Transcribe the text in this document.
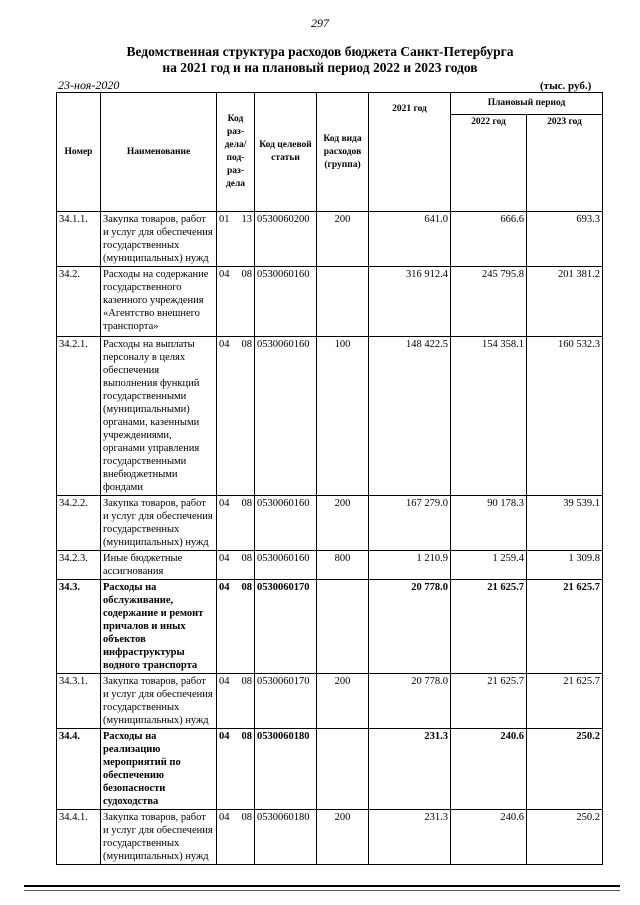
297
Ведомственная структура расходов бюджета Санкт-Петербурга
на 2021 год и на плановый период 2022 и 2023 годов
23-ноя-2020	(тыс. руб.)
Номер	Наименование	Код раз- дела/ под- раз- дела	Код целевой статьи	Код вида расходов (группа)	2021 год	Плановый период	
						2022 год	2023 год
34.1.1.	Закупка товаров, работ и услуг для обеспечения государственных (муниципальных) нужд	01 13	0530060200	200	641.0	666.6	693.3
34.2.	Расходы на содержание государственного казенного учреждения «Агентство внешнего транспорта»	04 08	0530060160		316 912.4	245 795.8	201 381.2
34.2.1.	Расходы на выплаты персоналу в целях обеспечения выполнения функций государственными (муниципальными) органами, казенными учреждениями, органами управления государственными внебюджетными фондами	04 08	0530060160	100	148 422.5	154 358.1	160 532.3
34.2.2.	Закупка товаров, работ и услуг для обеспечения государственных (муниципальных) нужд	04 08	0530060160	200	167 279.0	90 178.3	39 539.1
34.2.3.	Иные бюджетные ассигнования	04 08	0530060160	800	1 210.9	1 259.4	1 309.8
34.3.	Расходы на обслуживание, содержание и ремонт причалов и иных объектов инфраструктуры водного транспорта	04 08	0530060170		20 778.0	21 625.7	21 625.7
34.3.1.	Закупка товаров, работ и услуг для обеспечения государственных (муниципальных) нужд	04 08	0530060170	200	20 778.0	21 625.7	21 625.7
34.4.	Расходы на реализацию мероприятий по обеспечению безопасности судоходства	04 08	0530060180		231.3	240.6	250.2
34.4.1.	Закупка товаров, работ и услуг для обеспечения государственных (муниципальных) нужд	04 08	0530060180	200	231.3	240.6	250.2
